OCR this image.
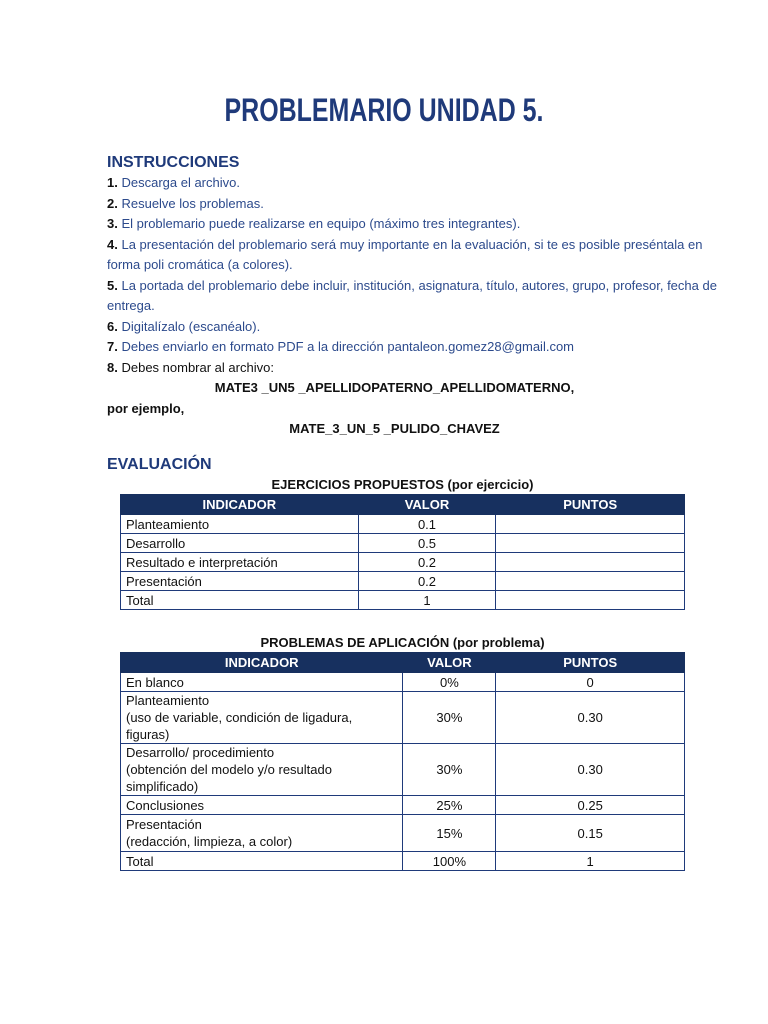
PROBLEMARIO UNIDAD 5.
INSTRUCCIONES
1. Descarga el archivo.
2. Resuelve los problemas.
3. El problemario puede realizarse en equipo (máximo tres integrantes).
4. La presentación del problemario será muy importante en la evaluación, si te es posible preséntala en
forma poli cromática (a colores).
5. La portada del problemario debe incluir, institución, asignatura, título, autores, grupo, profesor, fecha de
entrega.
6. Digitalízalo (escanéalo).
7. Debes enviarlo en formato PDF a la dirección pantaleon.gomez28@gmail.com
8. Debes nombrar al archivo:
MATE3 _UN5 _APELLIDOPATERNO_APELLIDOMATERNO,
por ejemplo,
MATE_3_UN_5 _PULIDO_CHAVEZ
EVALUACIÓN
EJERCICIOS PROPUESTOS (por ejercicio)
INDICADOR	VALOR	PUNTOS
Planteamiento	0.1	
Desarrollo	0.5	
Resultado e interpretación	0.2	
Presentación	0.2	
Total	1	
PROBLEMAS DE APLICACIÓN (por problema)
INDICADOR	VALOR	PUNTOS
En blanco	0%	0

Planteamiento
(uso de variable, condición de ligadura, figuras)	30%	0.30

Desarrollo/ procedimiento
(obtención del modelo y/o resultado simplificado)	30%	0.30
Conclusiones	25%	0.25

Presentación
(redacción, limpieza, a color)	15%	0.15
Total	100%	1
